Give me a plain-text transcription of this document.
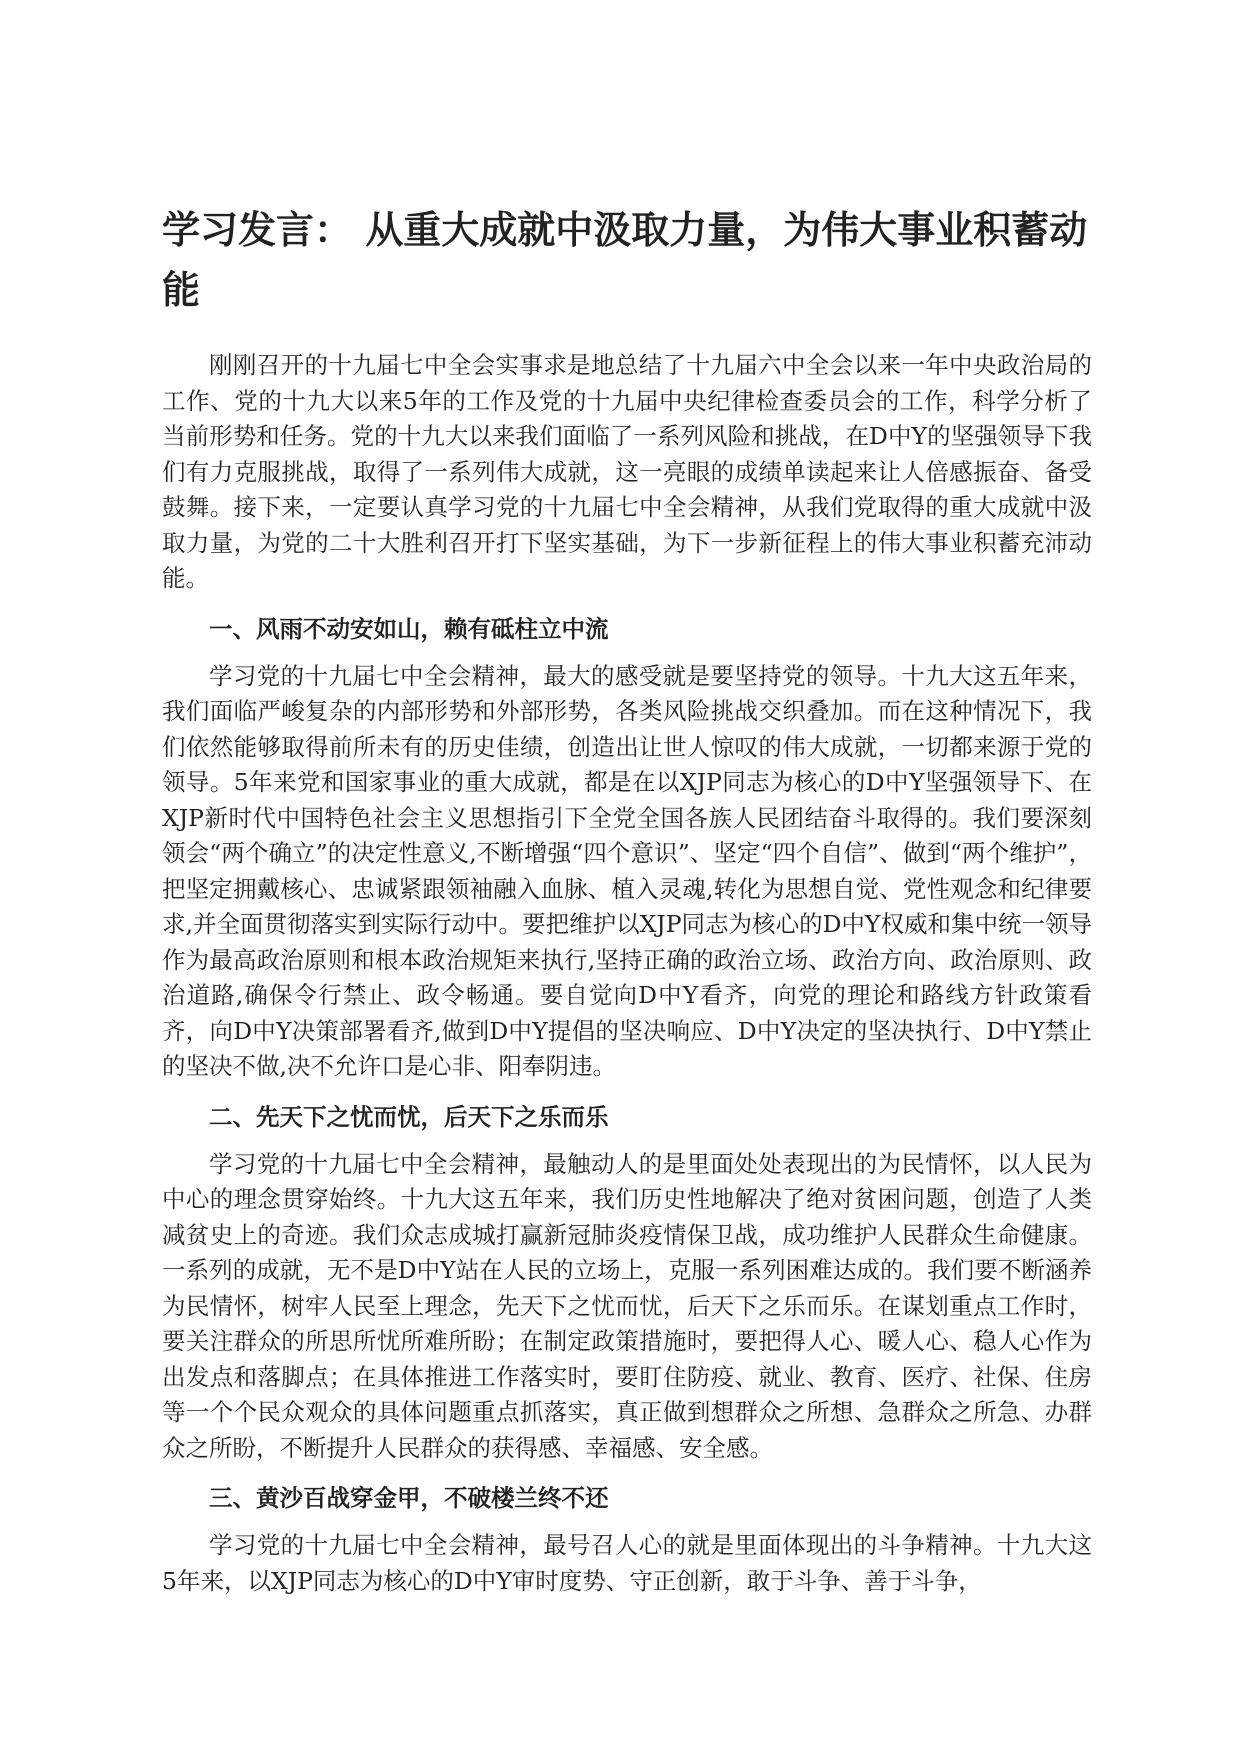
学习发言： 从重大成就中汲取力量，为伟大事业积蓄动能

刚刚召开的十九届七中全会实事求是地总结了十九届六中全会以来一年中央政治局的工作、党的十九大以来5年的工作及党的十九届中央纪律检查委员会的工作，科学分析了当前形势和任务。党的十九大以来我们面临了一系列风险和挑战，在D中Y的坚强领导下我们有力克服挑战，取得了一系列伟大成就，这一亮眼的成绩单读起来让人倍感振奋、备受鼓舞。接下来，一定要认真学习党的十九届七中全会精神，从我们党取得的重大成就中汲取力量，为党的二十大胜利召开打下坚实基础，为下一步新征程上的伟大事业积蓄充沛动能。

一、风雨不动安如山，赖有砥柱立中流

学习党的十九届七中全会精神，最大的感受就是要坚持党的领导。十九大这五年来，我们面临严峻复杂的内部形势和外部形势，各类风险挑战交织叠加。而在这种情况下，我们依然能够取得前所未有的历史佳绩，创造出让世人惊叹的伟大成就，一切都来源于党的领导。5年来党和国家事业的重大成就，都是在以XJP同志为核心的D中Y坚强领导下、在XJP新时代中国特色社会主义思想指引下全党全国各族人民团结奋斗取得的。我们要深刻领会“两个确立”的决定性意义,不断增强“四个意识”、坚定“四个自信”、做到“两个维护”，把坚定拥戴核心、忠诚紧跟领袖融入血脉、植入灵魂,转化为思想自觉、党性观念和纪律要求,并全面贯彻落实到实际行动中。要把维护以XJP同志为核心的D中Y权威和集中统一领导作为最高政治原则和根本政治规矩来执行,坚持正确的政治立场、政治方向、政治原则、政治道路,确保令行禁止、政令畅通。要自觉向D中Y看齐，向党的理论和路线方针政策看齐，向D中Y决策部署看齐,做到D中Y提倡的坚决响应、D中Y决定的坚决执行、D中Y禁止的坚决不做,决不允许口是心非、阳奉阴违。

二、先天下之忧而忧，后天下之乐而乐

学习党的十九届七中全会精神，最触动人的是里面处处表现出的为民情怀，以人民为中心的理念贯穿始终。十九大这五年来，我们历史性地解决了绝对贫困问题，创造了人类减贫史上的奇迹。我们众志成城打赢新冠肺炎疫情保卫战，成功维护人民群众生命健康。一系列的成就，无不是D中Y站在人民的立场上，克服一系列困难达成的。我们要不断涵养为民情怀，树牢人民至上理念，先天下之忧而忧，后天下之乐而乐。在谋划重点工作时，要关注群众的所思所忧所难所盼；在制定政策措施时，要把得人心、暖人心、稳人心作为出发点和落脚点；在具体推进工作落实时，要盯住防疫、就业、教育、医疗、社保、住房等一个个民众观众的具体问题重点抓落实，真正做到想群众之所想、急群众之所急、办群众之所盼，不断提升人民群众的获得感、幸福感、安全感。

三、黄沙百战穿金甲，不破楼兰终不还

学习党的十九届七中全会精神，最号召人心的就是里面体现出的斗争精神。十九大这5年来，以XJP同志为核心的D中Y审时度势、守正创新，敢于斗争、善于斗争，
